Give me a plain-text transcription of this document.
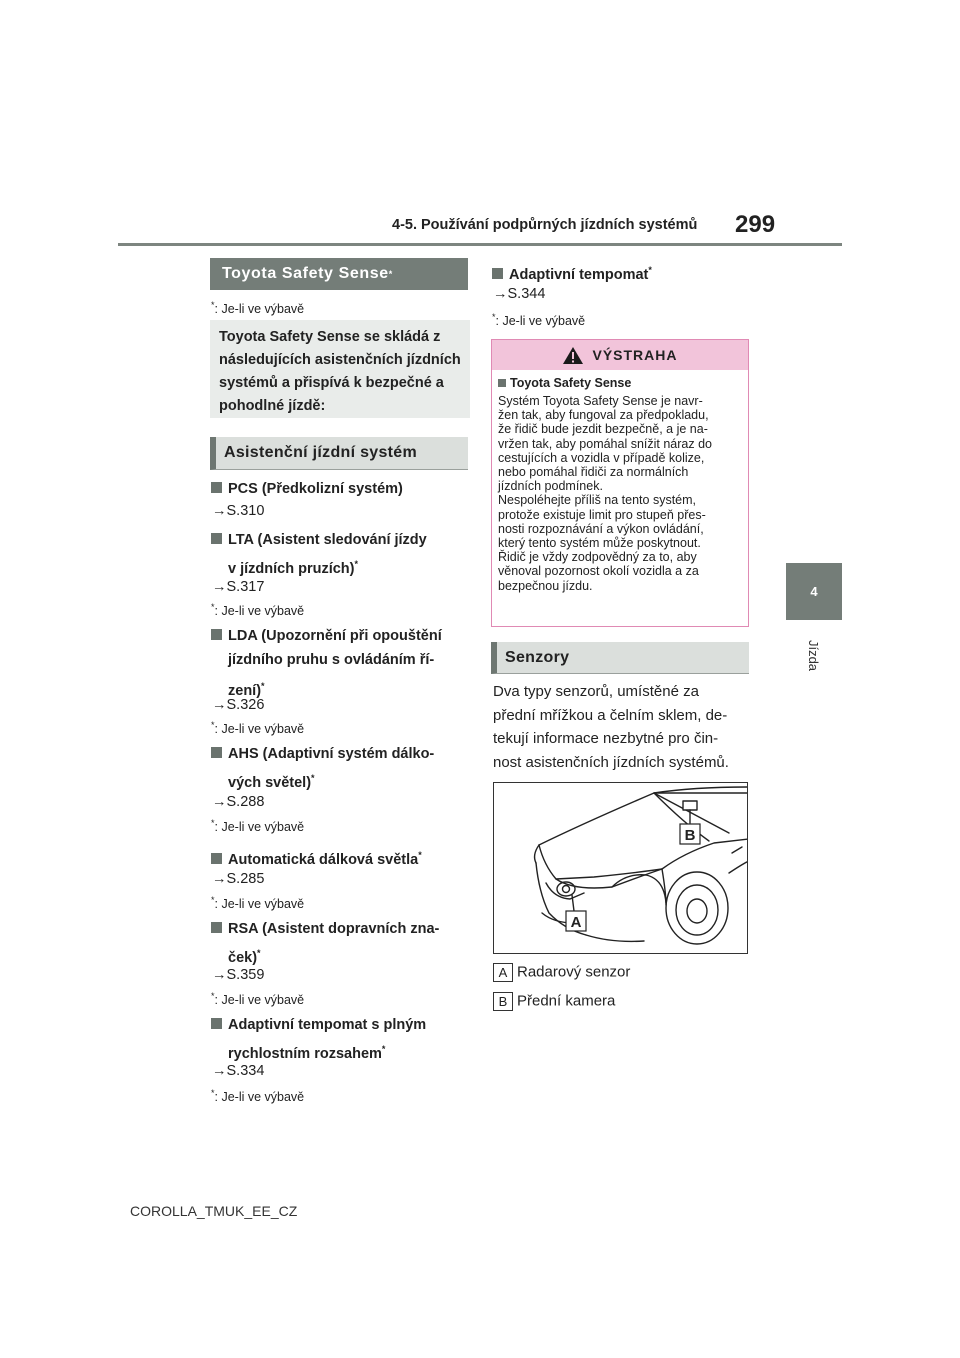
4-5. Používání podpůrných jízdních systémů 299
4
Jízda
Toyota Safety Sense *
*: Je-li ve výbavě
Toyota Safety Sense se skládá z následujících asistenčních jízdních systémů a přispívá k bezpečné a pohodlné jízdě:
Asistenční jízdní systém
PCS (Předkolizní systém)
→S.310
LTA (Asistent sledování jízdy
v jízdních pruzích)*
→S.317
*: Je-li ve výbavě
LDA (Upozornění při opouštění
jízdního pruhu s ovládáním ří-
zení)*
→S.326
*: Je-li ve výbavě
AHS (Adaptivní systém dálko-
vých světel)*
→S.288
*: Je-li ve výbavě
Automatická dálková světla*
→S.285
*: Je-li ve výbavě
RSA (Asistent dopravních zna-
ček)*
→S.359
*: Je-li ve výbavě
Adaptivní tempomat s plným
rychlostním rozsahem*
→S.334
*: Je-li ve výbavě
Adaptivní tempomat*
→S.344
*: Je-li ve výbavě
VÝSTRAHA
Toyota Safety Sense
Systém Toyota Safety Sense je navr-
žen tak, aby fungoval za předpokladu,
že řidič bude jezdit bezpečně, a je na-
vržen tak, aby pomáhal snížit náraz do
cestujících a vozidla v případě kolize,
nebo pomáhal řidiči za normálních
jízdních podmínek.
Nespoléhejte příliš na tento systém,
protože existuje limit pro stupeň přes-
nosti rozpoznávání a výkon ovládání,
který tento systém může poskytnout.
Řidič je vždy zodpovědný za to, aby
věnoval pozornost okolí vozidla a za
bezpečnou jízdu.
Senzory
Dva typy senzorů, umístěné za
přední mřížkou a čelním sklem, de-
tekují informace nezbytné pro čin-
nost asistenčních jízdních systémů.
B
A
A Radarový senzor
B Přední kamera
COROLLA_TMUK_EE_CZ
